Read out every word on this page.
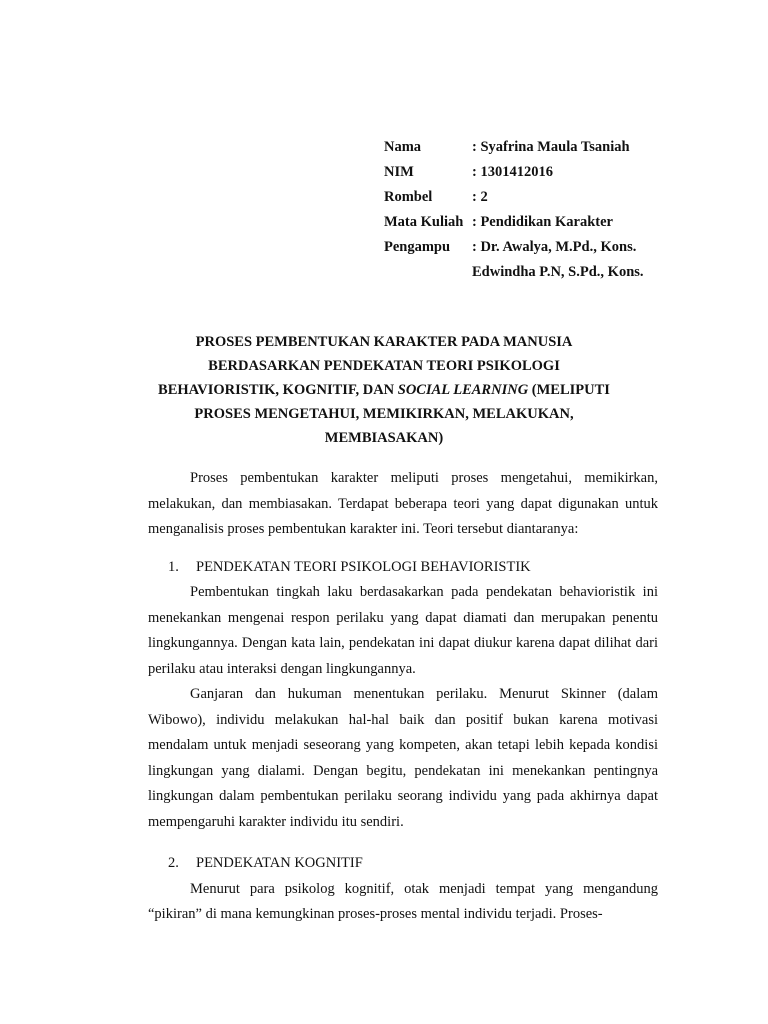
Nama	: Syafrina Maula Tsaniah
NIM	: 1301412016
Rombel	: 2
Mata Kuliah : Pendidikan Karakter
Pengampu	: Dr. Awalya, M.Pd., Kons.
Edwindha P.N, S.Pd., Kons.
PROSES PEMBENTUKAN KARAKTER PADA MANUSIA
BERDASARKAN PENDEKATAN TEORI PSIKOLOGI
BEHAVIORISTIK, KOGNITIF, DAN SOCIAL LEARNING (MELIPUTI
PROSES MENGETAHUI, MEMIKIRKAN, MELAKUKAN,
MEMBIASAKAN)

Proses pembentukan karakter meliputi proses mengetahui, memikirkan, melakukan, dan membiasakan. Terdapat beberapa teori yang dapat digunakan untuk menganalisis proses pembentukan karakter ini. Teori tersebut diantaranya:

1.	PENDEKATAN TEORI PSIKOLOGI BEHAVIORISTIK

Pembentukan tingkah laku berdasakarkan pada pendekatan behavioristik ini menekankan mengenai respon perilaku yang dapat diamati dan merupakan penentu lingkungannya. Dengan kata lain, pendekatan ini dapat diukur karena dapat dilihat dari perilaku atau interaksi dengan lingkungannya.

Ganjaran dan hukuman menentukan perilaku. Menurut Skinner (dalam Wibowo), individu melakukan hal-hal baik dan positif bukan karena motivasi mendalam untuk menjadi seseorang yang kompeten, akan tetapi lebih kepada kondisi lingkungan yang dialami. Dengan begitu, pendekatan ini menekankan pentingnya lingkungan dalam pembentukan perilaku seorang individu yang pada akhirnya dapat mempengaruhi karakter individu itu sendiri.

2.	PENDEKATAN KOGNITIF

Menurut para psikolog kognitif, otak menjadi tempat yang mengandung “pikiran” di mana kemungkinan proses-proses mental individu terjadi. Proses-
